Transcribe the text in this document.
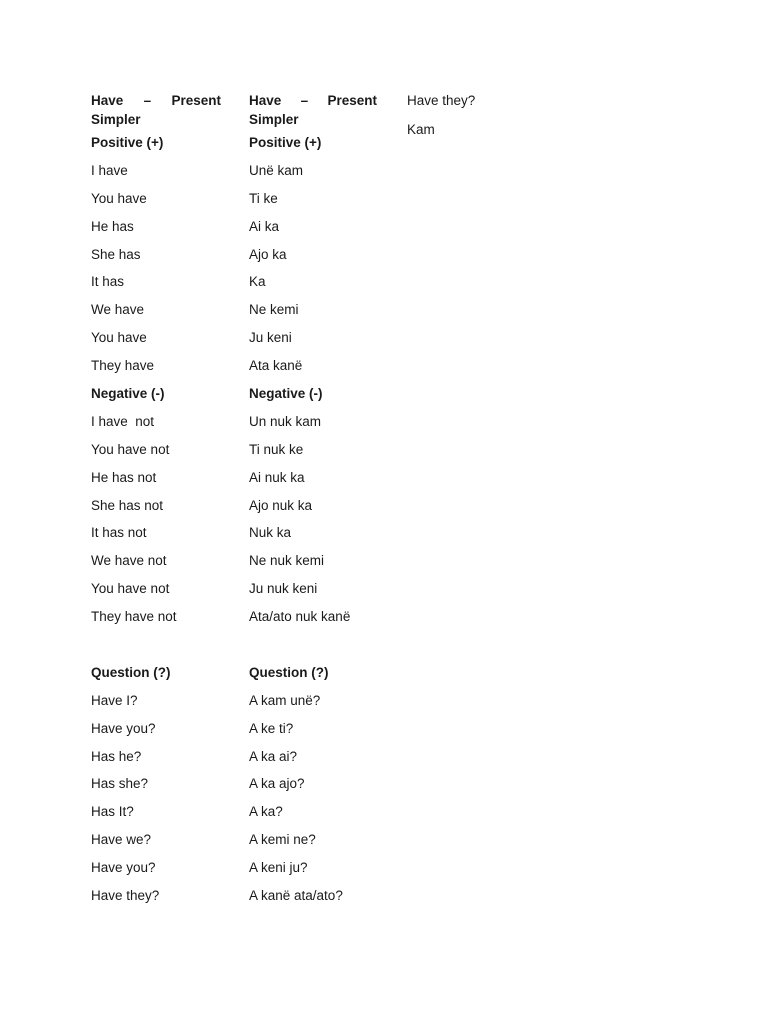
Have – Present Simpler
Positive (+)
I have
You have
He has
She has
It has
We have
You have
They have
Negative (-)
I have  not
You have not
He has not
She has not
It has not
We have not
You have not
They have not
Question (?)
Have I?
Have you?
Has he?
Has she?
Has It?
Have we?
Have you?
Have they?
Have – Present Simpler
Positive (+)
Unë kam
Ti ke
Ai ka
Ajo ka
Ka
Ne kemi
Ju keni
Ata kanë
Negative (-)
Un nuk kam
Ti nuk ke
Ai nuk ka
Ajo nuk ka
Nuk ka
Ne nuk kemi
Ju nuk keni
Ata/ato nuk kanë
Question (?)
A kam unë?
A ke ti?
A ka ai?
A ka ajo?
A ka?
A kemi ne?
A keni ju?
A kanë ata/ato?
Have they?
Kam
